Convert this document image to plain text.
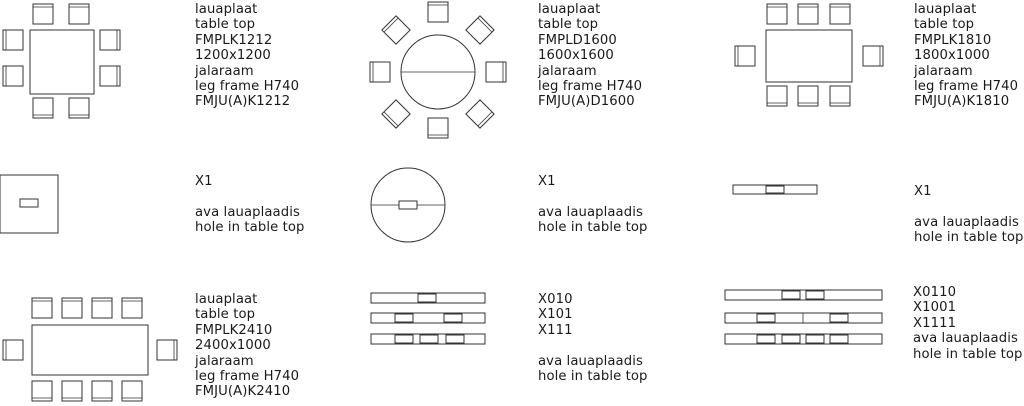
lauaplaat
table top
FMPLK1212
1200x1200
jalaraam
leg frame H740
FMJU(A)K1212
lauaplaat
table top
FMPLD1600
1600x1600
jalaraam
leg frame H740
FMJU(A)D1600
lauaplaat
table top
FMPLK1810
1800x1000
jalaraam
leg frame H740
FMJU(A)K1810
X1
ava lauaplaadis
hole in table top
X1
ava lauaplaadis
hole in table top
X1
ava lauaplaadis
hole in table top
lauaplaat
table top
FMPLK2410
2400x1000
jalaraam
leg frame H740
FMJU(A)K2410
X010
X101
X111
ava lauaplaadis
hole in table top
X0110
X1001
X1111
ava lauaplaadis
hole in table top
